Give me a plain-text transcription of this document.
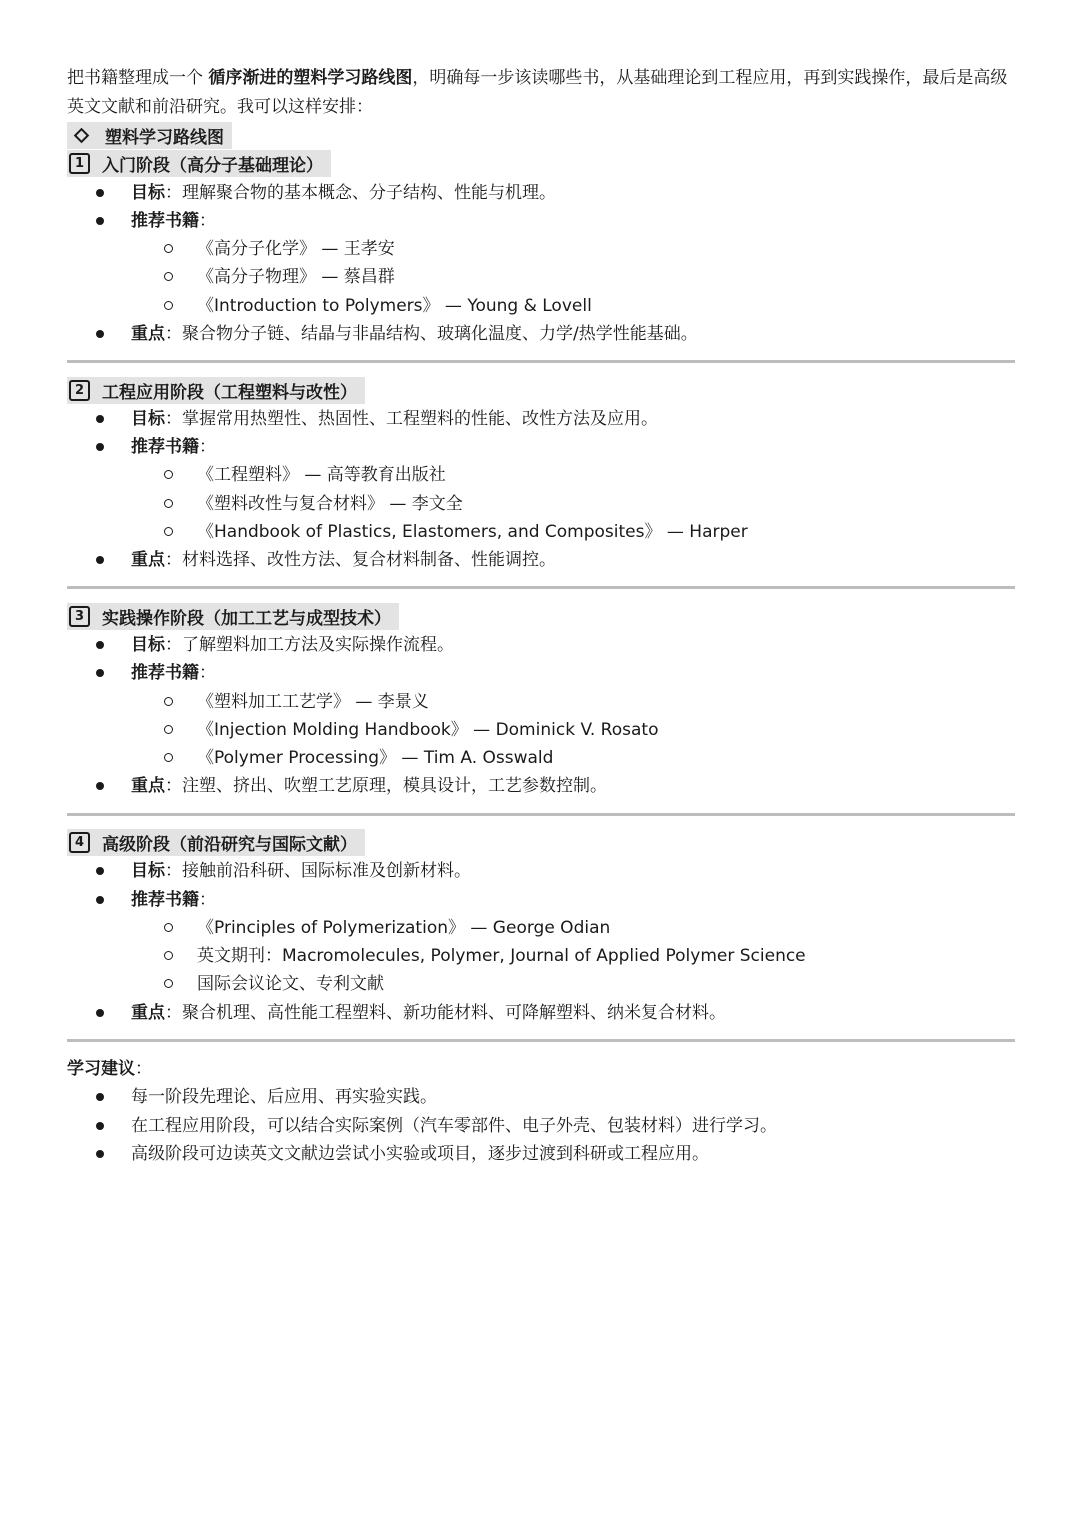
把书籍整理成一个 循序渐进的塑料学习路线图，明确每一步该读哪些书，从基础理论到工程应用，再到实践操作，最后是高级英文文献和前沿研究。我可以这样安排：
塑料学习路线图
1	入门阶段（高分子基础理论）
目标：理解聚合物的基本概念、分子结构、性能与机理。
推荐书籍：
《高分子化学》 — 王孝安
《高分子物理》 — 蔡昌群
《Introduction to Polymers》 — Young & Lovell
重点：聚合物分子链、结晶与非晶结构、玻璃化温度、力学/热学性能基础。
2	工程应用阶段（工程塑料与改性）
目标：掌握常用热塑性、热固性、工程塑料的性能、改性方法及应用。
推荐书籍：
《工程塑料》 — 高等教育出版社
《塑料改性与复合材料》 — 李文全
《Handbook of Plastics, Elastomers, and Composites》 — Harper
重点：材料选择、改性方法、复合材料制备、性能调控。
3	实践操作阶段（加工工艺与成型技术）
目标：了解塑料加工方法及实际操作流程。
推荐书籍：
《塑料加工工艺学》 — 李景义
《Injection Molding Handbook》 — Dominick V. Rosato
《Polymer Processing》 — Tim A. Osswald
重点：注塑、挤出、吹塑工艺原理，模具设计，工艺参数控制。
4	高级阶段（前沿研究与国际文献）
目标：接触前沿科研、国际标准及创新材料。
推荐书籍：
《Principles of Polymerization》 — George Odian
英文期刊：Macromolecules, Polymer, Journal of Applied Polymer Science
国际会议论文、专利文献
重点：聚合机理、高性能工程塑料、新功能材料、可降解塑料、纳米复合材料。
学习建议：
每一阶段先理论、后应用、再实验实践。
在工程应用阶段，可以结合实际案例（汽车零部件、电子外壳、包装材料）进行学习。
高级阶段可边读英文文献边尝试小实验或项目，逐步过渡到科研或工程应用。
